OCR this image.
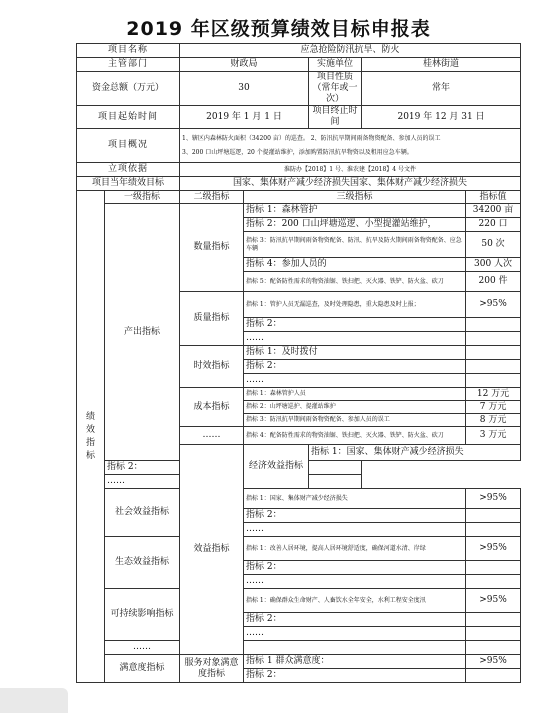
2019 年区级预算绩效目标申报表
项目名称		应急抢险防汛抗旱、防火					
主管部门		财政局		实施单位	桂林街道		
资金总额（万元）		30		项目性质（常年或一次）	常年		
项目起始时间		2019 年 1 月 1 日		项目终止时间	2019 年 12 月 31 日		
项目概况		1、辖区内森林防火面积（34200 亩）的巡查。 2、防汛抗旱期间雨备物资配备、参加人员的误工
3、200 口山坪塘巡逻，20 个提灌站维护，添加购置防汛抗旱物资以及租用应急车辆。					

立项依据		淮防办【2018】1 号、淮农建【2018】4 号文件					
项目当年绩效目标		国家、集体财产减少经济损失国家、集体财产减少经济损失					
绩
效
指
标	一级指标	二级指标	三级指标			指标值	
	产出指标	数量指标	指标 1：森林管护			34200 亩	
			指标 2：200 口山坪塘巡逻、小型提灌站维护，			220 口	
			指标 3：防汛抗旱期间雨备物资配备、防汛、抗旱及防火期间雨备物资配备、应急车辆			50 次	
			指标 4：参加人员的			300 人次	
			指标 5：配备防性需求的物资油锯、铁扫把、灭火器、铁铲、防火盆、砍刀			200 件	
		质量指标	指标 1：管护人员无漏巡查，及时处理隐患，重大隐患及时上报；			>95%	
			指标 2：				
			……				
		时效指标	指标 1：及时拨付				
			指标 2：				
			……				
		成本指标	指标 1：森林管护人员			12 万元	
			指标 2：山坪塘巡护、提灌站维护			7 万元	
			指标 3：防汛抗旱期间雨备物资配备、参加人员的误工			8 万元	
		……	指标 4：配备防性需求的物资油锯、铁扫把、灭火器、铁铲、防火盆、砍刀			3 万元	
		效益指标	经济效益指标	指标 1：国家、集体财产减少经济损失	
	指标 2：						
	……						
	社会效益指标		指标 1：国家、集体财产减少经济损失			>95%	
			指标 2：				
			……				
	生态效益指标		指标 1：改善人居环境，提高人居环境舒适度，确保河道水清、岸绿			>95%	
			指标 2：				
			……				
	可持续影响指标		指标 1：确保群众生命财产、人畜饮水全年安全，水利工程安全度汛			>95%	
			指标 2：				
			……				
	……						
	满意度指标	服务对象满意度指标	指标 1 群众满意度：			>95%	
			指标 2：				
